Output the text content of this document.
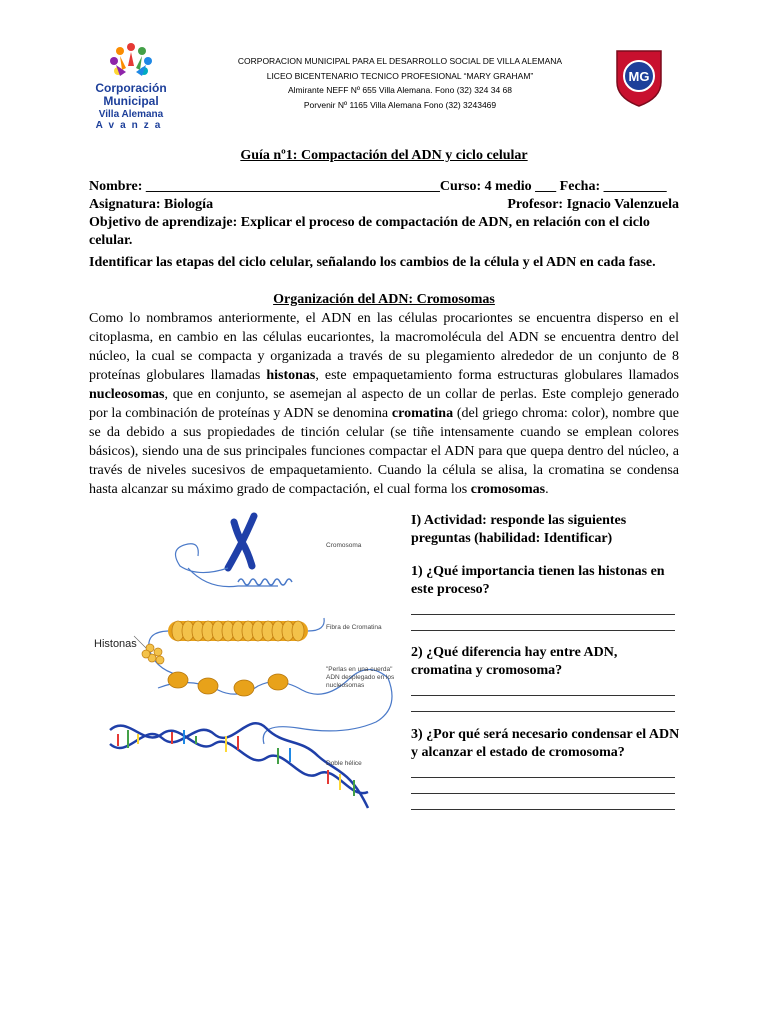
Corporación
Municipal
Villa Alemana
Avanza
CORPORACION MUNICIPAL PARA EL DESARROLLO SOCIAL DE VILLA ALEMANA
LICEO BICENTENARIO TECNICO PROFESIONAL “MARY GRAHAM”
Almirante NEFF Nº 655 Villa Alemana. Fono (32) 324 34 68
Porvenir Nº 1165 Villa Alemana Fono (32) 3243469
MG
Guía nº1: Compactación del ADN y ciclo celular
Nombre: __________________________________________Curso: 4 medio ___ Fecha: _________
Asignatura: Biología	Profesor: Ignacio Valenzuela
Objetivo de aprendizaje: Explicar el proceso de compactación de ADN, en relación con el ciclo celular.
Identificar las etapas del ciclo celular, señalando los cambios de la célula y el ADN en cada fase.
Organización del ADN: Cromosomas
Como lo nombramos anteriormente, el ADN en las células procariontes se encuentra disperso en el citoplasma, en cambio en las células eucariontes, la macromolécula del ADN se encuentra dentro del núcleo, la cual se compacta y organizada a través de su plegamiento alrededor de un conjunto de 8 proteínas globulares llamadas histonas, este empaquetamiento forma estructuras globulares llamados nucleosomas, que en conjunto, se asemejan al aspecto de un collar de perlas. Este complejo generado por la combinación de proteínas y ADN se denomina cromatina (del griego chroma: color), nombre que se da debido a sus propiedades de tinción celular (se tiñe intensamente cuando se emplean colores básicos), siendo una de sus principales funciones compactar el ADN para que quepa dentro del núcleo, a través de niveles sucesivos de empaquetamiento. Cuando la célula se alisa, la cromatina se condensa hasta alcanzar su máximo grado de compactación, el cual forma los cromosomas.
Cromosoma
Fibra de Cromatina
Histonas
"Perlas en una cuerda"
ADN desplegado en los
nucleosomas
Doble hélice
I) Actividad: responde las siguientes preguntas (habilidad: Identificar)
1) ¿Qué importancia tienen las histonas en este proceso?
2) ¿Qué diferencia hay entre ADN, cromatina y cromosoma?
3) ¿Por qué será necesario condensar el ADN y alcanzar el estado de cromosoma?
